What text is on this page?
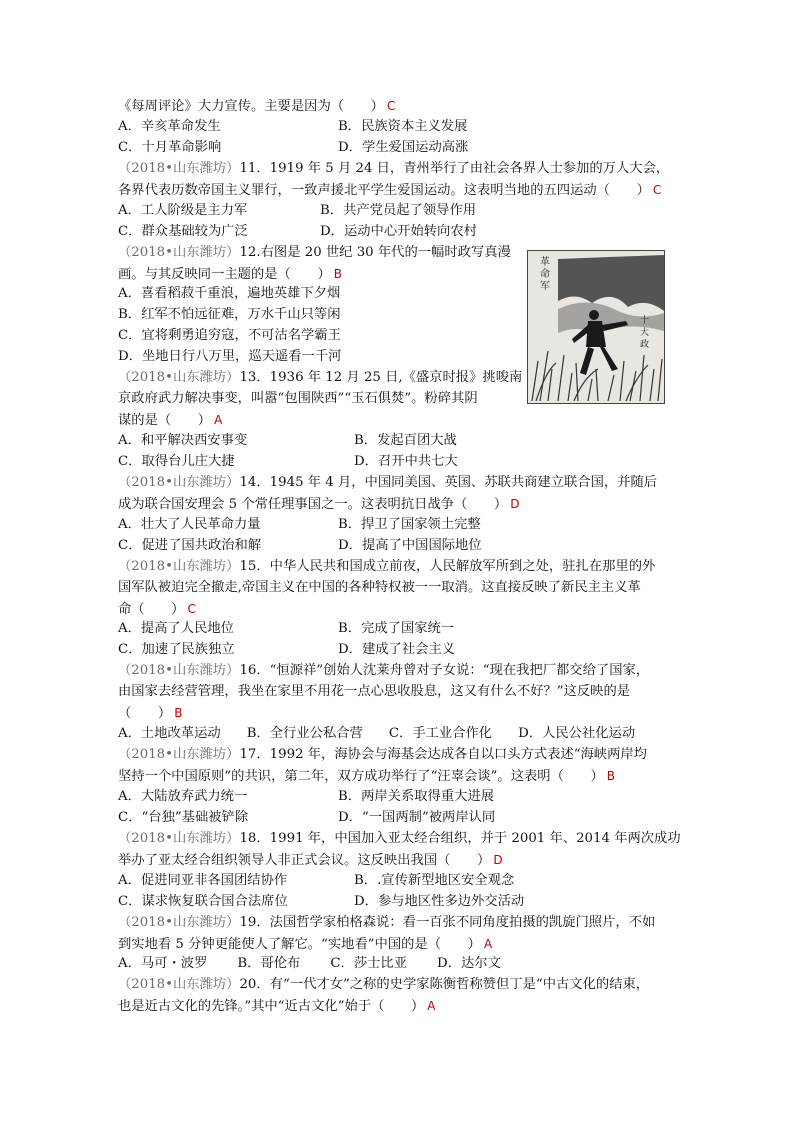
《每周评论》大力宣传。主要是因为（　　） C
A．辛亥革命发生	B．民族资本主义发展
C．十月革命影响	D．学生爱国运动高涨
（2018•山东潍坊）11．1919 年 5 月 24 日，青州举行了由社会各界人士参加的万人大会，
各界代表历数帝国主义罪行，一致声援北平学生爱国运动。这表明当地的五四运动（　　） C
A．工人阶级是主力军	B．共产党员起了领导作用
C．群众基础较为广泛	D．运动中心开始转向农村
（2018•山东潍坊）12.右图是 20 世纪 30 年代的一幅时政写真漫
画。与其反映同一主题的是（　　） B
A．喜看稻菽千重浪，遍地英雄下夕烟
B．红军不怕远征难，万水千山只等闲
C．宜将剩勇追穷寇，不可沽名学霸王
D．坐地日行八万里，巡天遥看一千河
（2018•山东潍坊）13．1936 年 12 月 25 日,《盛京时报》挑唆南
京政府武力解决事变，叫嚣“包围陕西”“玉石俱焚”。粉碎其阴
谋的是（　　） A
A．和平解决西安事变	B．发起百团大战
C．取得台儿庄大捷	D．召开中共七大
（2018•山东潍坊）14．1945 年 4 月，中国同美国、英国、苏联共商建立联合国，并随后
成为联合国安理会 5 个常任理事国之一。这表明抗日战争（　　） D
A．壮大了人民革命力量	B．捍卫了国家领土完整
C．促进了国共政治和解	D．提高了中国国际地位
（2018•山东潍坊）15．中华人民共和国成立前夜，人民解放军所到之处，驻扎在那里的外
国军队被迫完全撤走,帝国主义在中国的各种特权被一一取消。这直接反映了新民主主义革
命（　　） C
A．提高了人民地位	B．完成了国家统一
C．加速了民族独立	D．建成了社会主义
（2018•山东潍坊）16．“恒源祥”创始人沈莱舟曾对子女说：“现在我把厂都交给了国家，
由国家去经营管理，我坐在家里不用花一点心思收股息，这又有什么不好？”这反映的是
（　　） B
A．土地改革运动 B．全行业公私合营 C．手工业合作化 D．人民公社化运动
（2018•山东潍坊）17．1992 年，海协会与海基会达成各自以口头方式表述“海峡两岸均
坚持一个中国原则”的共识，第二年，双方成功举行了“汪辜会谈”。这表明（　　） B
A．大陆放弃武力统一	B．两岸关系取得重大进展
C．“台独”基础被铲除	D．“一国两制”被两岸认同
（2018•山东潍坊）18．1991 年，中国加入亚太经合组织，并于 2001 年、2014 年两次成功
举办了亚太经合组织领导人非正式会议。这反映出我国（　　） D
A．促进同亚非各国团结协作	B．.宣传新型地区安全观念
C．谋求恢复联合国合法席位	D．参与地区性多边外交活动
（2018•山东潍坊）19．法国哲学家柏格森说：看一百张不同角度拍摄的凯旋门照片，不如
到实地看 5 分钟更能使人了解它。“实地看”中国的是（　　） A
A．马可・波罗 B．哥伦布 C．莎士比亚 D．达尔文
（2018•山东潍坊）20．有“一代才女”之称的史学家陈衡哲称赞但丁是“中古文化的结束，
也是近古文化的先锋。”其中“近古文化”始于（　　） A
革
命
军
十
大
政
